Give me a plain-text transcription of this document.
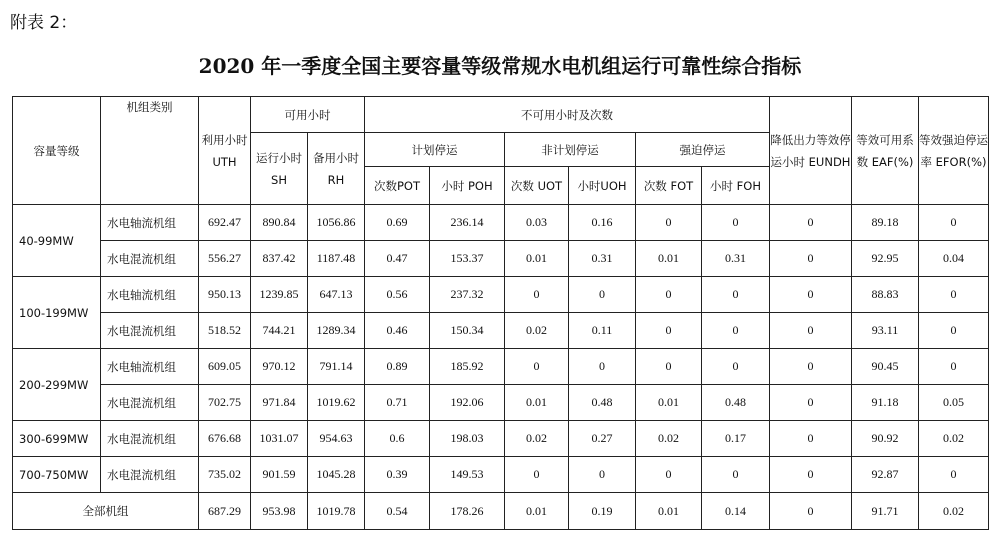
附表 2：
2020 年一季度全国主要容量等级常规水电机组运行可靠性综合指标
容量等级	机组类别	利用小时 UTH	可用小时		不可用小时及次数						降低出力等效停运小时 EUNDH	等效可用系数 EAF(%)	等效强迫停运率 EFOR(%)
			运行小时 SH	备用小时 RH	计划停运		非计划停运		强迫停运				
					次数POT	小时 POH	次数 UOT	小时UOH	次数 FOT	小时 FOH			
40-99MW	水电轴流机组	692.47	890.84	1056.86	0.69	236.14	0.03	0.16	0	0	0	89.18	0
	水电混流机组	556.27	837.42	1187.48	0.47	153.37	0.01	0.31	0.01	0.31	0	92.95	0.04
100-199MW	水电轴流机组	950.13	1239.85	647.13	0.56	237.32	0	0	0	0	0	88.83	0
	水电混流机组	518.52	744.21	1289.34	0.46	150.34	0.02	0.11	0	0	0	93.11	0
200-299MW	水电轴流机组	609.05	970.12	791.14	0.89	185.92	0	0	0	0	0	90.45	0
	水电混流机组	702.75	971.84	1019.62	0.71	192.06	0.01	0.48	0.01	0.48	0	91.18	0.05
300-699MW	水电混流机组	676.68	1031.07	954.63	0.6	198.03	0.02	0.27	0.02	0.17	0	90.92	0.02
700-750MW	水电混流机组	735.02	901.59	1045.28	0.39	149.53	0	0	0	0	0	92.87	0
全部机组		687.29	953.98	1019.78	0.54	178.26	0.01	0.19	0.01	0.14	0	91.71	0.02
